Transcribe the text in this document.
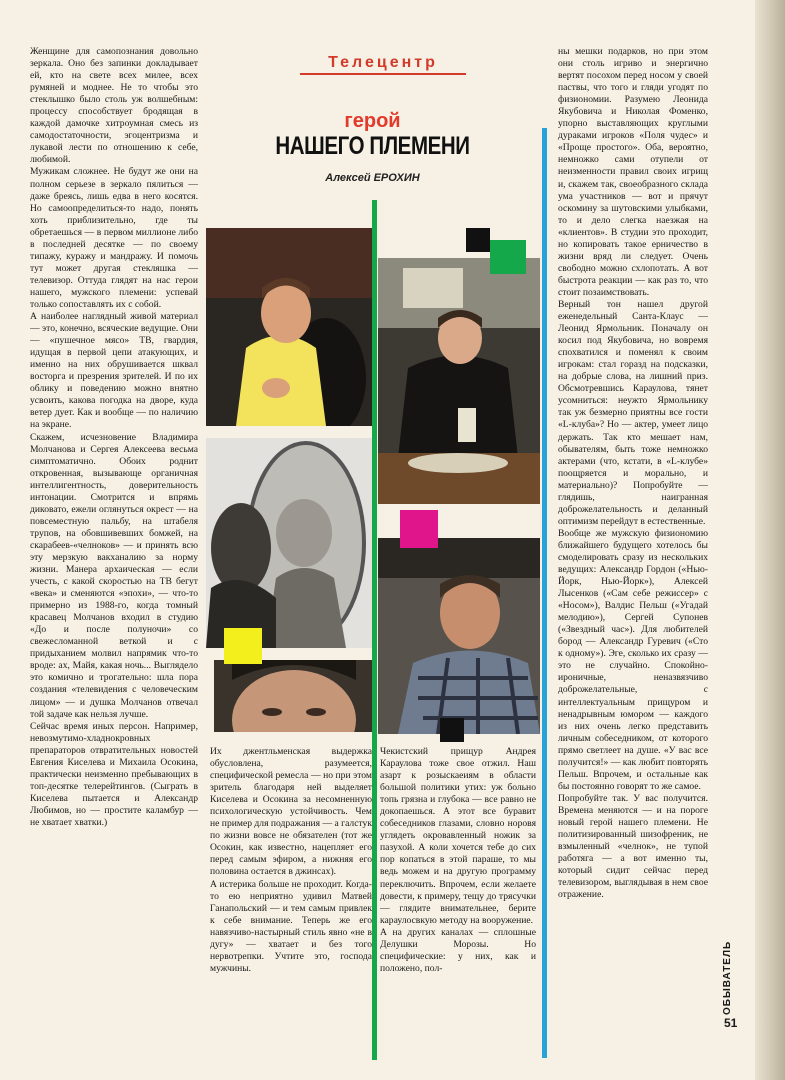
Женщине для самопознания довольно зеркала. Оно без запинки докладывает ей, кто на свете всех милее, всех румяней и моднее. Не то чтобы это стеклышко было столь уж волшебным: процессу способствует бродящая в каждой дамочке хитроумная смесь из самодостаточности, эгоцентризма и лукавой лести по отношению к себе, любимой.

Мужикам сложнее. Не будут же они на полном серьезе в зеркало пялиться — даже бреясь, лишь едва в него косятся. Но самоопределиться-то надо, понять хоть приблизительно, где ты обретаешься — в первом миллионе либо в последней десятке — по своему типажу, куражу и мандражу. И помочь тут может другая стекляшка — телевизор. Оттуда глядят на нас герои нашего, мужского племени: успевай только сопоставлять их с собой.

А наиболее наглядный живой материал — это, конечно, всяческие ведущие. Они — «пушечное мясо» ТВ, гвардия, идущая в первой цепи атакующих, и именно на них обрушивается шквал восторга и презрения зрителей. И по их облику и поведению можно внятно усвоить, какова погодка на дворе, куда ветер дует. Как и вообще — по наличию на экране.

Скажем, исчезновение Владимира Молчанова и Сергея Алексеева весьма симптоматично. Обоих роднит откровенная, вызывающе органичная интеллигентность, доверительность интонации. Смотрится и впрямь диковато, ежели оглянуться окрест — на повсеместную пальбу, на штабеля трупов, на обовшивевших бомжей, на скарабеев-«челноков» — и принять всю эту мерзкую вакханалию за норму жизни. Манера архаическая — если учесть, с какой скоростью на ТВ бегут «века» и сменяются «эпохи», — что-то примерно из 1988-го, когда томный красавец Молчанов входил в студию «До и после полуночи» со свежесломанной веткой и с придыханием молвил напрямик что-то вроде: ах, Майя, какая ночь... Выглядело это комично и трогательно: шла пора создания «телевидения с человеческим лицом» — и душка Молчанов отвечал той задаче как нельзя лучше.

Сейчас время иных персон. Например, невозмутимо-хладнокровных препараторов отвратительных новостей Евгения Киселева и Михаила Осокина, практически неизменно пребывающих в топ-десятке телерейтингов. (Сыграть в Киселева пытается и Александр Любимов, но — простите каламбур — не хватает хватки.)

Телецентр
герой
НАШЕГО ПЛЕМЕНИ
Алексей ЕРОХИН

Их джентльменская выдержка обусловлена, разумеется, специфической ремесла — но при этом зритель благодаря ней выделяет Киселева и Осокина за несомненную психологическую устойчивость. Чем не пример для подражания — а галстук по жизни вовсе не обязателен (тот же Осокин, как известно, нацепляет его перед самым эфиром, а нижняя его половина остается в джинсах).

А истерика больше не проходит. Когда-то ею неприятно удивил Матвей Ганапольский — и тем самым привлек к себе внимание. Теперь же его навязчиво-настырный стиль явно «не в дугу» — хватает и без того нервотрепки. Учтите это, господа мужчины.

Чекистский прищур Андрея Караулова тоже свое отжил. Наш азарт к розыскаеиям в области большой политики утих: уж больно топь грязна и глубока — все равно не докопаешься. А этот все буравит собеседников глазами, словно норовя углядеть окровавленный ножик за пазухой. А коли хочется тебе до сих пор копаться в этой параше, то мы ведь можем и на другую программу переключить. Впрочем, если желаете довести, к примеру, тещу до трясучки — глядите внимательнее, берите караулосвкую методу на вооружение.

А на других каналах — сплошные Делушки Морозы. Но специфические: у них, как и положено, пол-

ны мешки подарков, но при этом они столь игриво и энергично вертят посохом перед носом у своей паствы, что того и гляди угодят по физиономии. Разумею Леонида Якубовича и Николая Фоменко, упорно выставляющих круглыми дураками игроков «Поля чудес» и «Проще простого». Оба, вероятно, немножко сами отупели от неизменности правил своих игрищ и, скажем так, своеобразного склада ума участников — вот и прячут оскомину за шутовскими улыбками, то и дело слегка наезжая на «клиентов». В студии это проходит, но копировать такое ерничество в жизни вряд ли следует. Очень свободно можно схлопотать. А вот быстрота реакции — как раз то, что стоит позаимствовать.

Верный тон нашел другой еженедельный Санта-Клаус — Леонид Ярмольник. Поначалу он косил под Якубовича, но вовремя спохватился и поменял к своим игрокам: стал горазд на подсказки, на добрые слова, на лишний приз. Обсмотревшись Караулова, тянет усомниться: неужто Ярмольнику так уж безмерно приятны все гости «L-клуба»? Но — актер, умеет лицо держать. Так кто мешает нам, обывателям, быть тоже немножко актерами (что, кстати, в «L-клубе» поощряется и морально, и материально)? Попробуйте — глядишь, наигранная доброжелательность и деланный оптимизм перейдут в естественные.

Вообще же мужскую физиономию ближайшего будущего хотелось бы смоделировать сразу из нескольких ведущих: Александр Гордон («Нью-Йорк, Нью-Йорк»), Алексей Лысенков («Сам себе режиссер» с «Носом»), Валдис Пельш («Угадай мелодию»), Сергей Супонев («Звездный час»). Для любителей бород — Александр Гуревич («Сто к одному»). Эге, сколько их сразу — это не случайно. Спокойно-ироничные, неназвязчиво доброжелательные, с интеллектуальным прищуром и ненадрывным юмором — каждого из них очень легко представить личным собеседником, от которого прямо светлеет на душе. «У вас все получится!» — как любит повторять Пельш. Впрочем, и остальные как бы постоянно говорят то же самое.

Попробуйте так. У вас получится. Времена меняются — и на пороге новый герой нашего племени. Не политизированный шизофреник, не взмыленный «челнок», не тупой работяга — а вот именно ты, который сидит сейчас перед телевизором, выглядывая в нем свое отражение.

ОБЫВАТЕЛЬ
51
